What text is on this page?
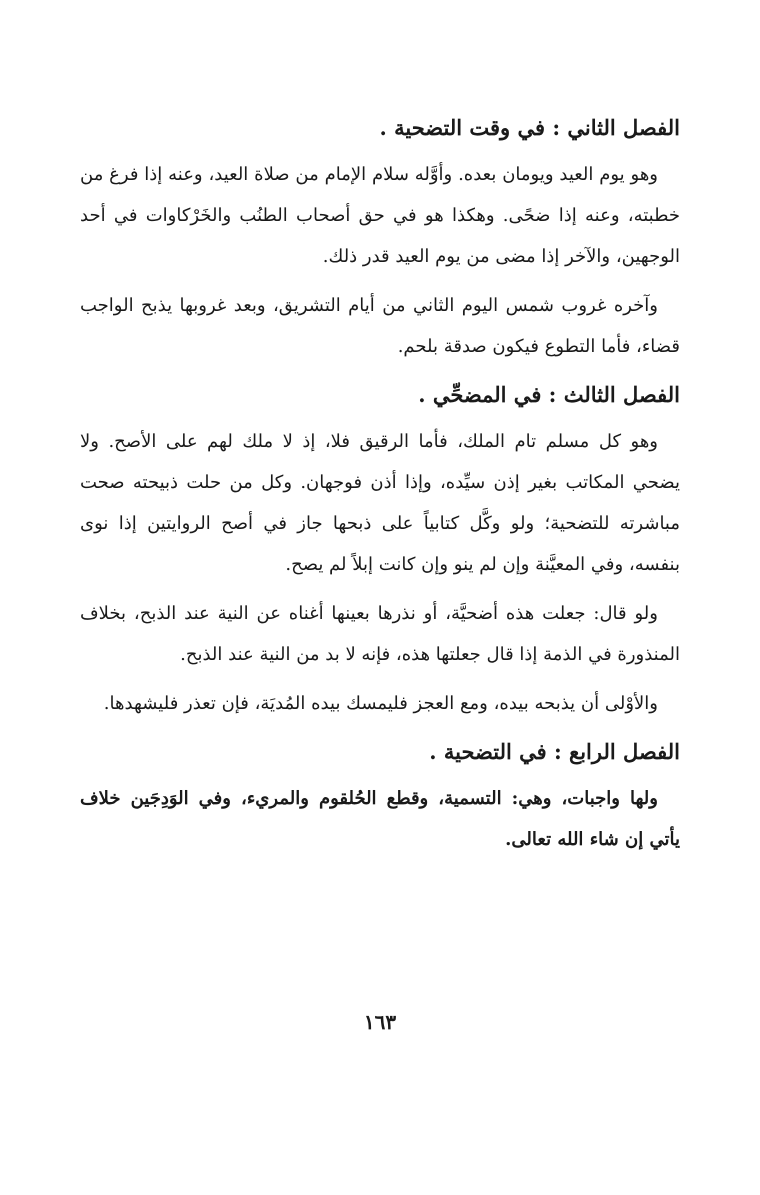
الفصل الثاني : في وقت التضحية .

وهو يوم العيد ويومان بعده. وأوَّله سلام الإمام من صلاة العيد، وعنه إذا فرغ من خطبته، وعنه إذا ضحًى. وهكذا هو في حق أصحاب الطنُب والخَرْكاوات في أحد الوجهين، والآخر إذا مضى من يوم العيد قدر ذلك.

وآخره غروب شمس اليوم الثاني من أيام التشريق، وبعد غروبها يذبح الواجب قضاء، فأما التطوع فيكون صدقة بلحم.

الفصل الثالث : في المضحِّي .

وهو كل مسلم تام الملك، فأما الرقيق فلا، إذ لا ملك لهم على الأصح. ولا يضحي المكاتب بغير إذن سيِّده، وإذا أذن فوجهان. وكل من حلت ذبيحته صحت مباشرته للتضحية؛ ولو وكَّل كتابياً على ذبحها جاز في أصح الروايتين إذا نوى بنفسه، وفي المعيَّنة وإن لم ينو وإن كانت إبلاً لم يصح.

ولو قال: جعلت هذه أضحيَّة، أو نذرها بعينها أغناه عن النية عند الذبح، بخلاف المنذورة في الذمة إذا قال جعلتها هذه، فإنه لا بد من النية عند الذبح.

والأوْلى أن يذبحه بيده، ومع العجز فليمسك بيده المُديَة، فإن تعذر فليشهدها.

الفصل الرابع : في التضحية .

ولها واجبات، وهي: التسمية، وقطع الحُلقوم والمريء، وفي الوَدِجَين خلاف يأتي إن شاء الله تعالى.

١٦٣
